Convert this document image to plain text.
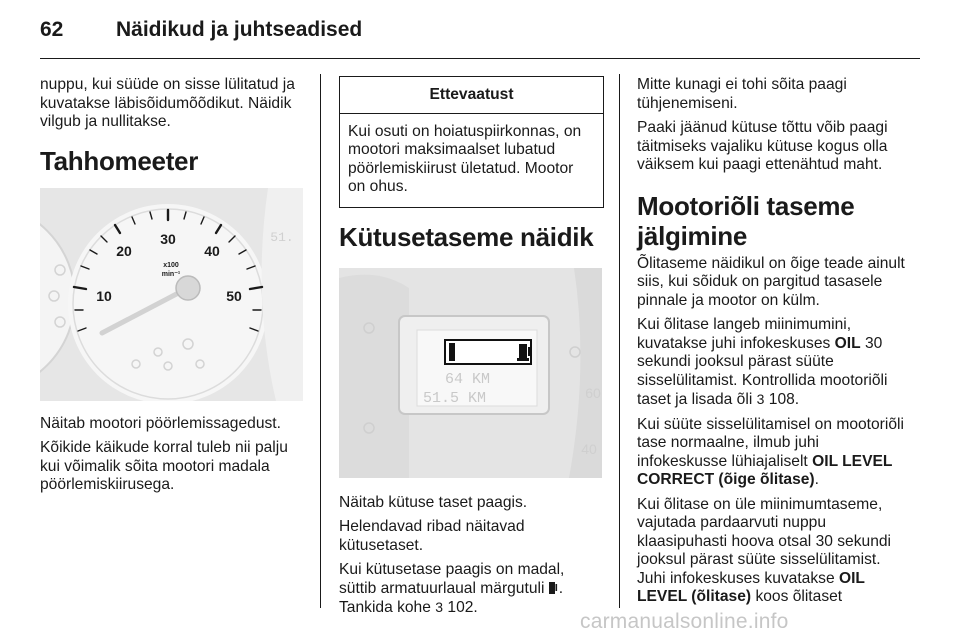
62	Näidikud ja juhtseadised

nuppu, kui süüde on sisse lülitatud ja kuvatakse läbisõidumõõdikut. Näidik vilgub ja nullitakse.

Tahhomeeter
30
20	40
10	50
x100
min⁻¹
51.

Näitab mootori pöörlemissagedust.

Kõikide käikude korral tuleb nii palju kui võimalik sõita mootori madala pöörlemiskiirusega.

Ettevaatust
Kui osuti on hoiatuspiirkonnas, on mootori maksimaalset lubatud pöörlemiskiirust ületatud. Mootor on ohus.
Kütusetaseme näidik
64 KM
51.5 KM	60
40

Näitab kütuse taset paagis.

Helendavad ribad näitavad kütusetaset.

Kui kütusetase paagis on madal, süttib armatuurlaual märgutuli .
Tankida kohe 3 102.

Mitte kunagi ei tohi sõita paagi tühjenemiseni.

Paaki jäänud kütuse tõttu võib paagi täitmiseks vajaliku kütuse kogus olla väiksem kui paagi ettenähtud maht.

Mootoriõli taseme jälgimine

Õlitaseme näidikul on õige teade ainult siis, kui sõiduk on pargitud tasasele pinnale ja mootor on külm.

Kui õlitase langeb miinimumini, kuvatakse juhi infokeskuses OIL 30 sekundi jooksul pärast süüte sisselülitamist. Kontrollida mootoriõli taset ja lisada õli 3 108.

Kui süüte sisselülitamisel on mootoriõli tase normaalne, ilmub juhi infokeskusse lühiajaliselt OIL LEVEL CORRECT (õige õlitase).

Kui õlitase on üle miinimumtaseme, vajutada pardaarvuti nuppu klaasipuhasti hoova otsal 30 sekundi jooksul pärast süüte sisselülitamist. Juhi infokeskuses kuvatakse OIL LEVEL (õlitase) koos õlitaset

carmanualsonline.info
